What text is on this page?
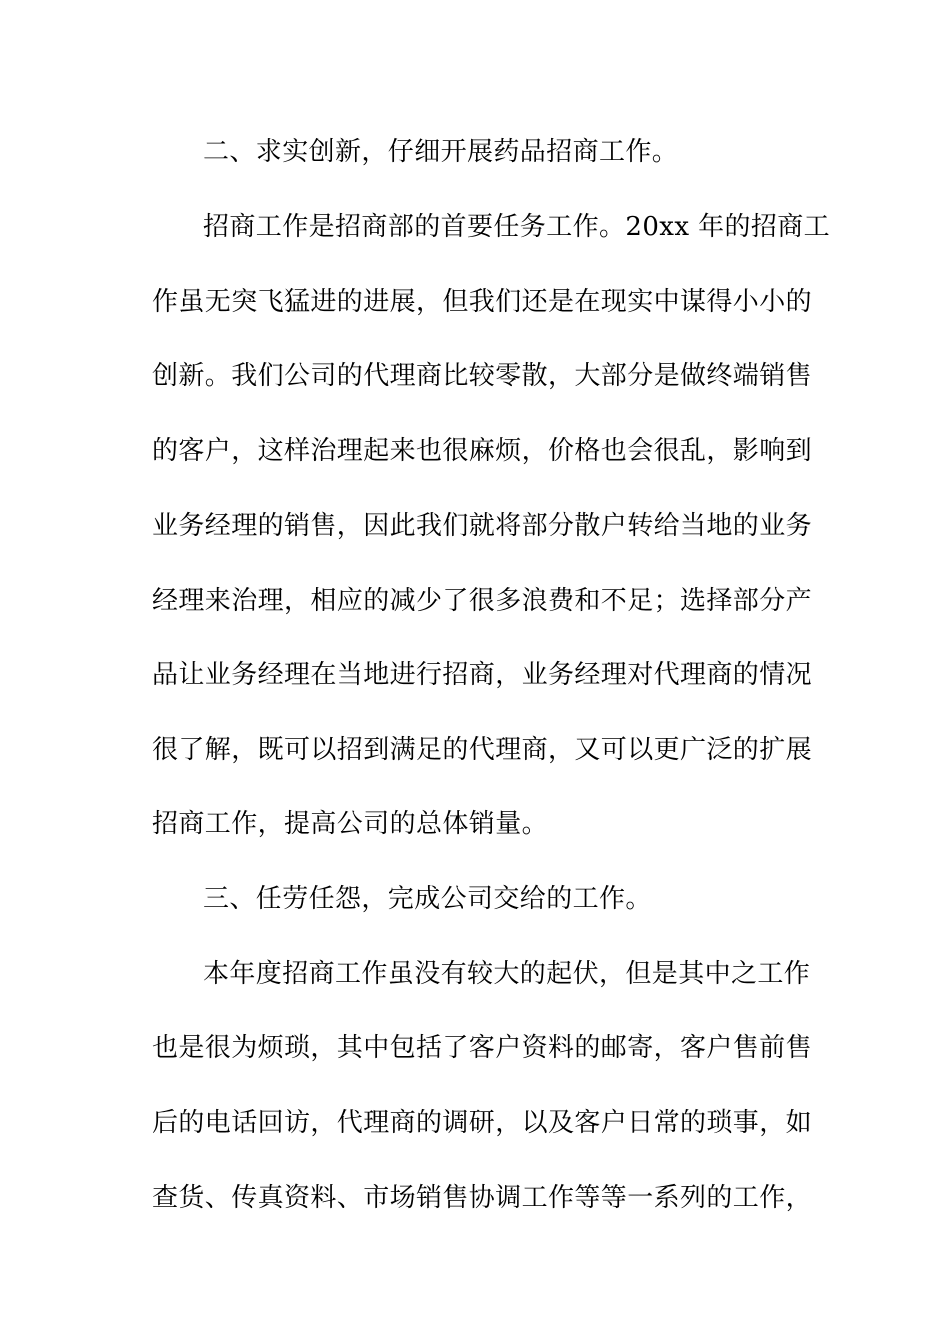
二、求实创新，仔细开展药品招商工作。
招商工作是招商部的首要任务工作。20xx 年的招商工
作虽无突飞猛进的进展，但我们还是在现实中谋得小小的
创新。我们公司的代理商比较零散，大部分是做终端销售
的客户，这样治理起来也很麻烦，价格也会很乱，影响到
业务经理的销售，因此我们就将部分散户转给当地的业务
经理来治理，相应的减少了很多浪费和不足；选择部分产
品让业务经理在当地进行招商，业务经理对代理商的情况
很了解，既可以招到满足的代理商，又可以更广泛的扩展
招商工作，提高公司的总体销量。
三、任劳任怨，完成公司交给的工作。
本年度招商工作虽没有较大的起伏，但是其中之工作
也是很为烦琐，其中包括了客户资料的邮寄，客户售前售
后的电话回访，代理商的调研，以及客户日常的琐事，如
查货、传真资料、市场销售协调工作等等一系列的工作，
